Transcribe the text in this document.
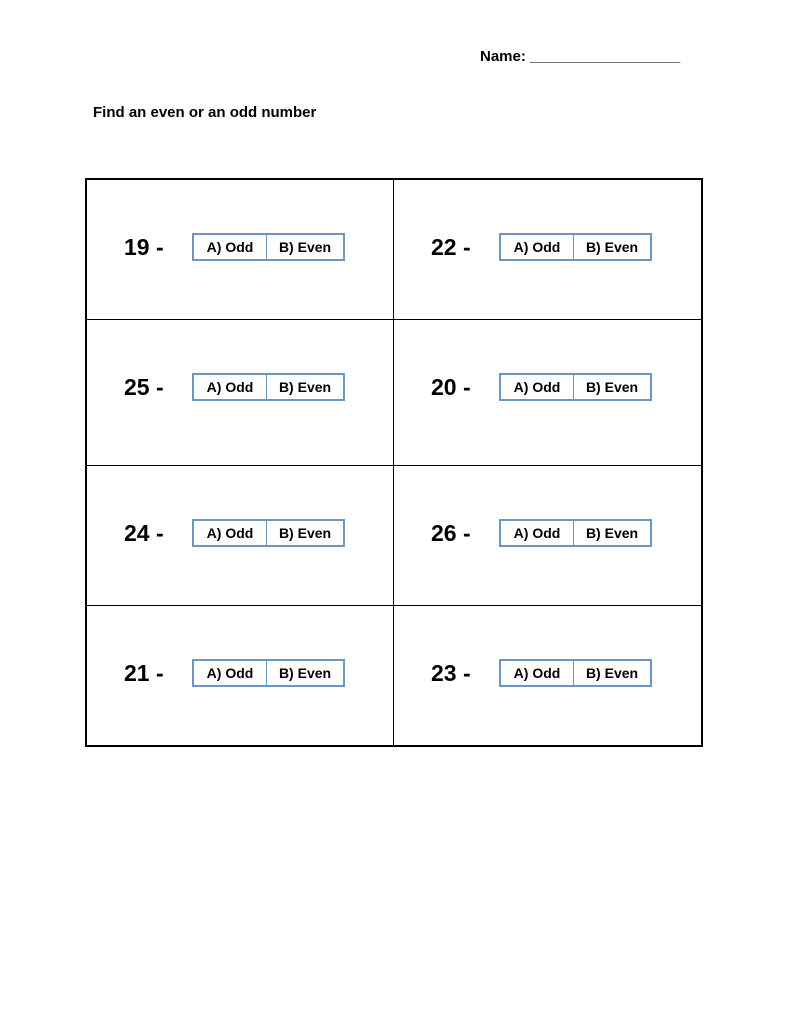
Name: __________________
Find an even or an odd number
19 -	A) Odd	B) Even	22 -	A) Odd	B) Even
25 -	A) Odd	B) Even	20 -	A) Odd	B) Even
24 -	A) Odd	B) Even	26 -	A) Odd	B) Even
21 -	A) Odd	B) Even	23 -	A) Odd	B) Even
